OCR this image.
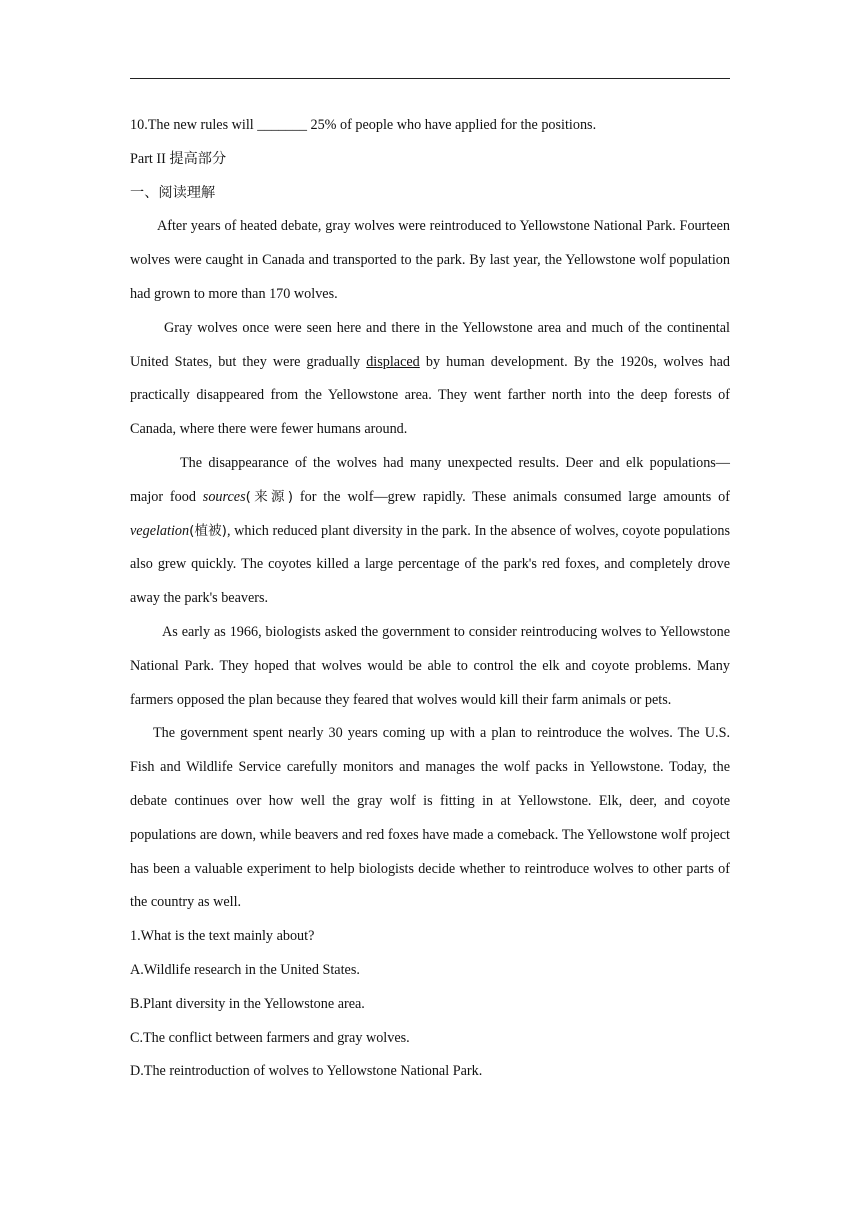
10.The new rules will _______ 25% of people who have applied for the positions.

Part II 提高部分

一、阅读理解

After years of heated debate, gray wolves were reintroduced to Yellowstone National Park. Fourteen wolves were caught in Canada and transported to the park. By last year, the Yellowstone wolf population had grown to more than 170 wolves.

Gray wolves once were seen here and there in the Yellowstone area and much of the continental United States, but they were gradually displaced by human development. By the 1920s, wolves had practically disappeared from the Yellowstone area. They went farther north into the deep forests of Canada, where there were fewer humans around.

The disappearance of the wolves had many unexpected results. Deer and elk populations—major food sources(来源) for the wolf—grew rapidly. These animals consumed large amounts of vegelation(植被), which reduced plant diversity in the park. In the absence of wolves, coyote populations also grew quickly. The coyotes killed a large percentage of the park's red foxes, and completely drove away the park's beavers.

As early as 1966, biologists asked the government to consider reintroducing wolves to Yellowstone National Park. They hoped that wolves would be able to control the elk and coyote problems. Many farmers opposed the plan because they feared that wolves would kill their farm animals or pets.

The government spent nearly 30 years coming up with a plan to reintroduce the wolves. The U.S. Fish and Wildlife Service carefully monitors and manages the wolf packs in Yellowstone. Today, the debate continues over how well the gray wolf is fitting in at Yellowstone. Elk, deer, and coyote populations are down, while beavers and red foxes have made a comeback. The Yellowstone wolf project has been a valuable experiment to help biologists decide whether to reintroduce wolves to other parts of the country as well.

1.What is the text mainly about?

A.Wildlife research in the United States.

B.Plant diversity in the Yellowstone area.

C.The conflict between farmers and gray wolves.

D.The reintroduction of wolves to Yellowstone National Park.
